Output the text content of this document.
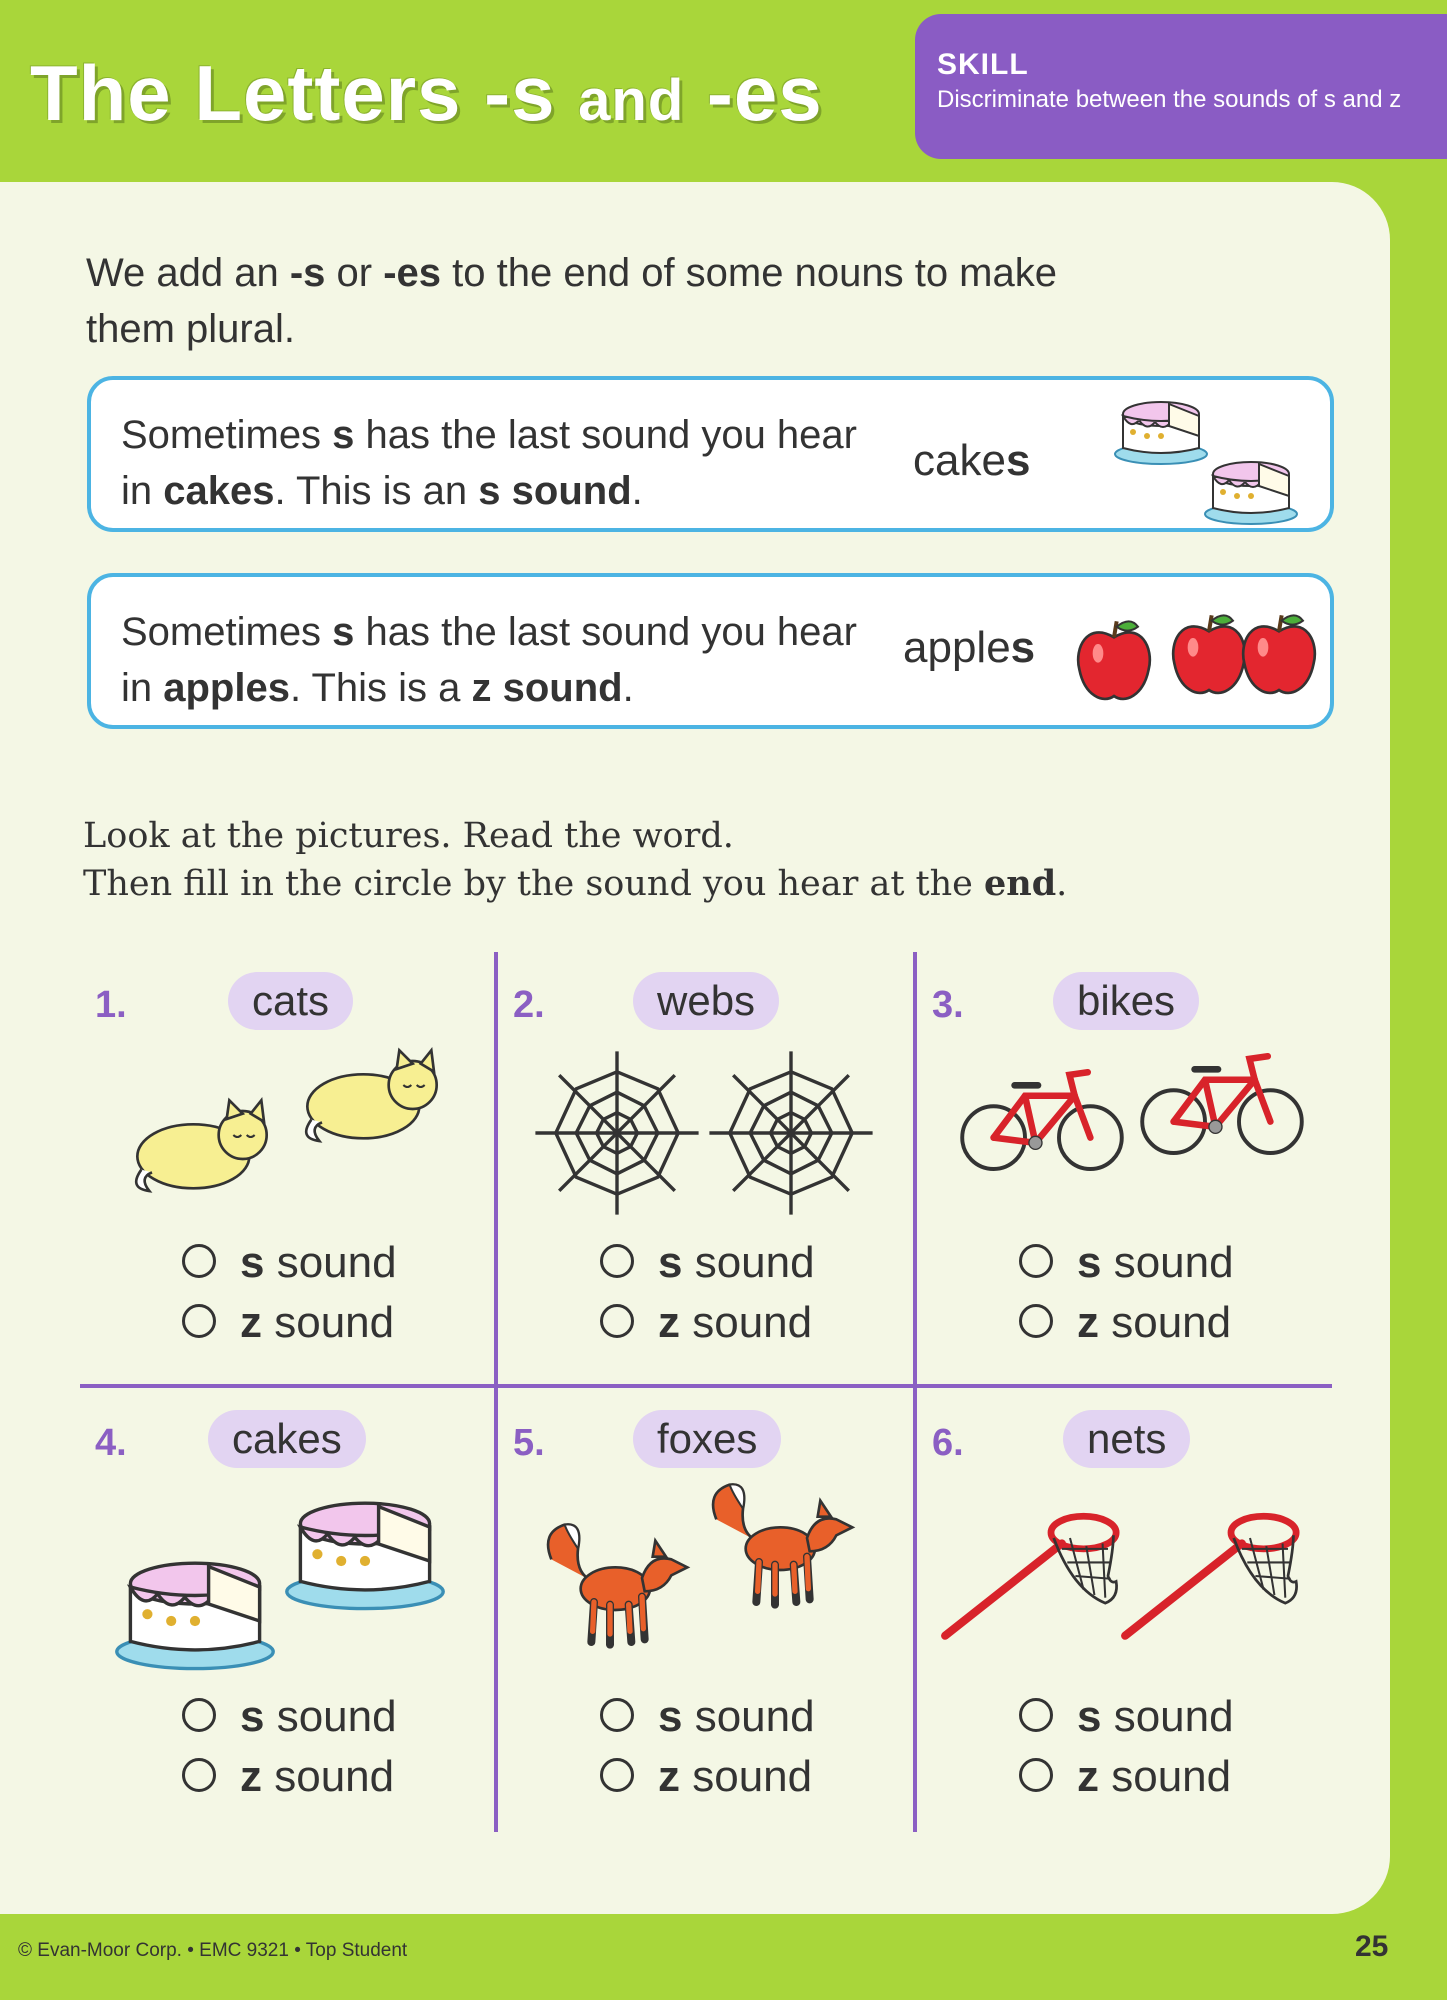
The Letters -s and -es	SKILL
Discriminate between the sounds of s and z
We add an -s or -es to the end of some nouns to make them plural.
Sometimes s has the last sound you hear in cakes. This is an s sound.
cakes
Sometimes s has the last sound you hear in apples. This is a z sound.
apples
Look at the pictures. Read the word.
Then fill in the circle by the sound you hear at the end.
1.	cats
s sound
z sound
2.	webs
s sound
z sound
3.	bikes
s sound
z sound
4.	cakes
s sound
z sound
5.	foxes
s sound
z sound
6.	nets
s sound
z sound
© Evan-Moor Corp. • EMC 9321 • Top Student	25
